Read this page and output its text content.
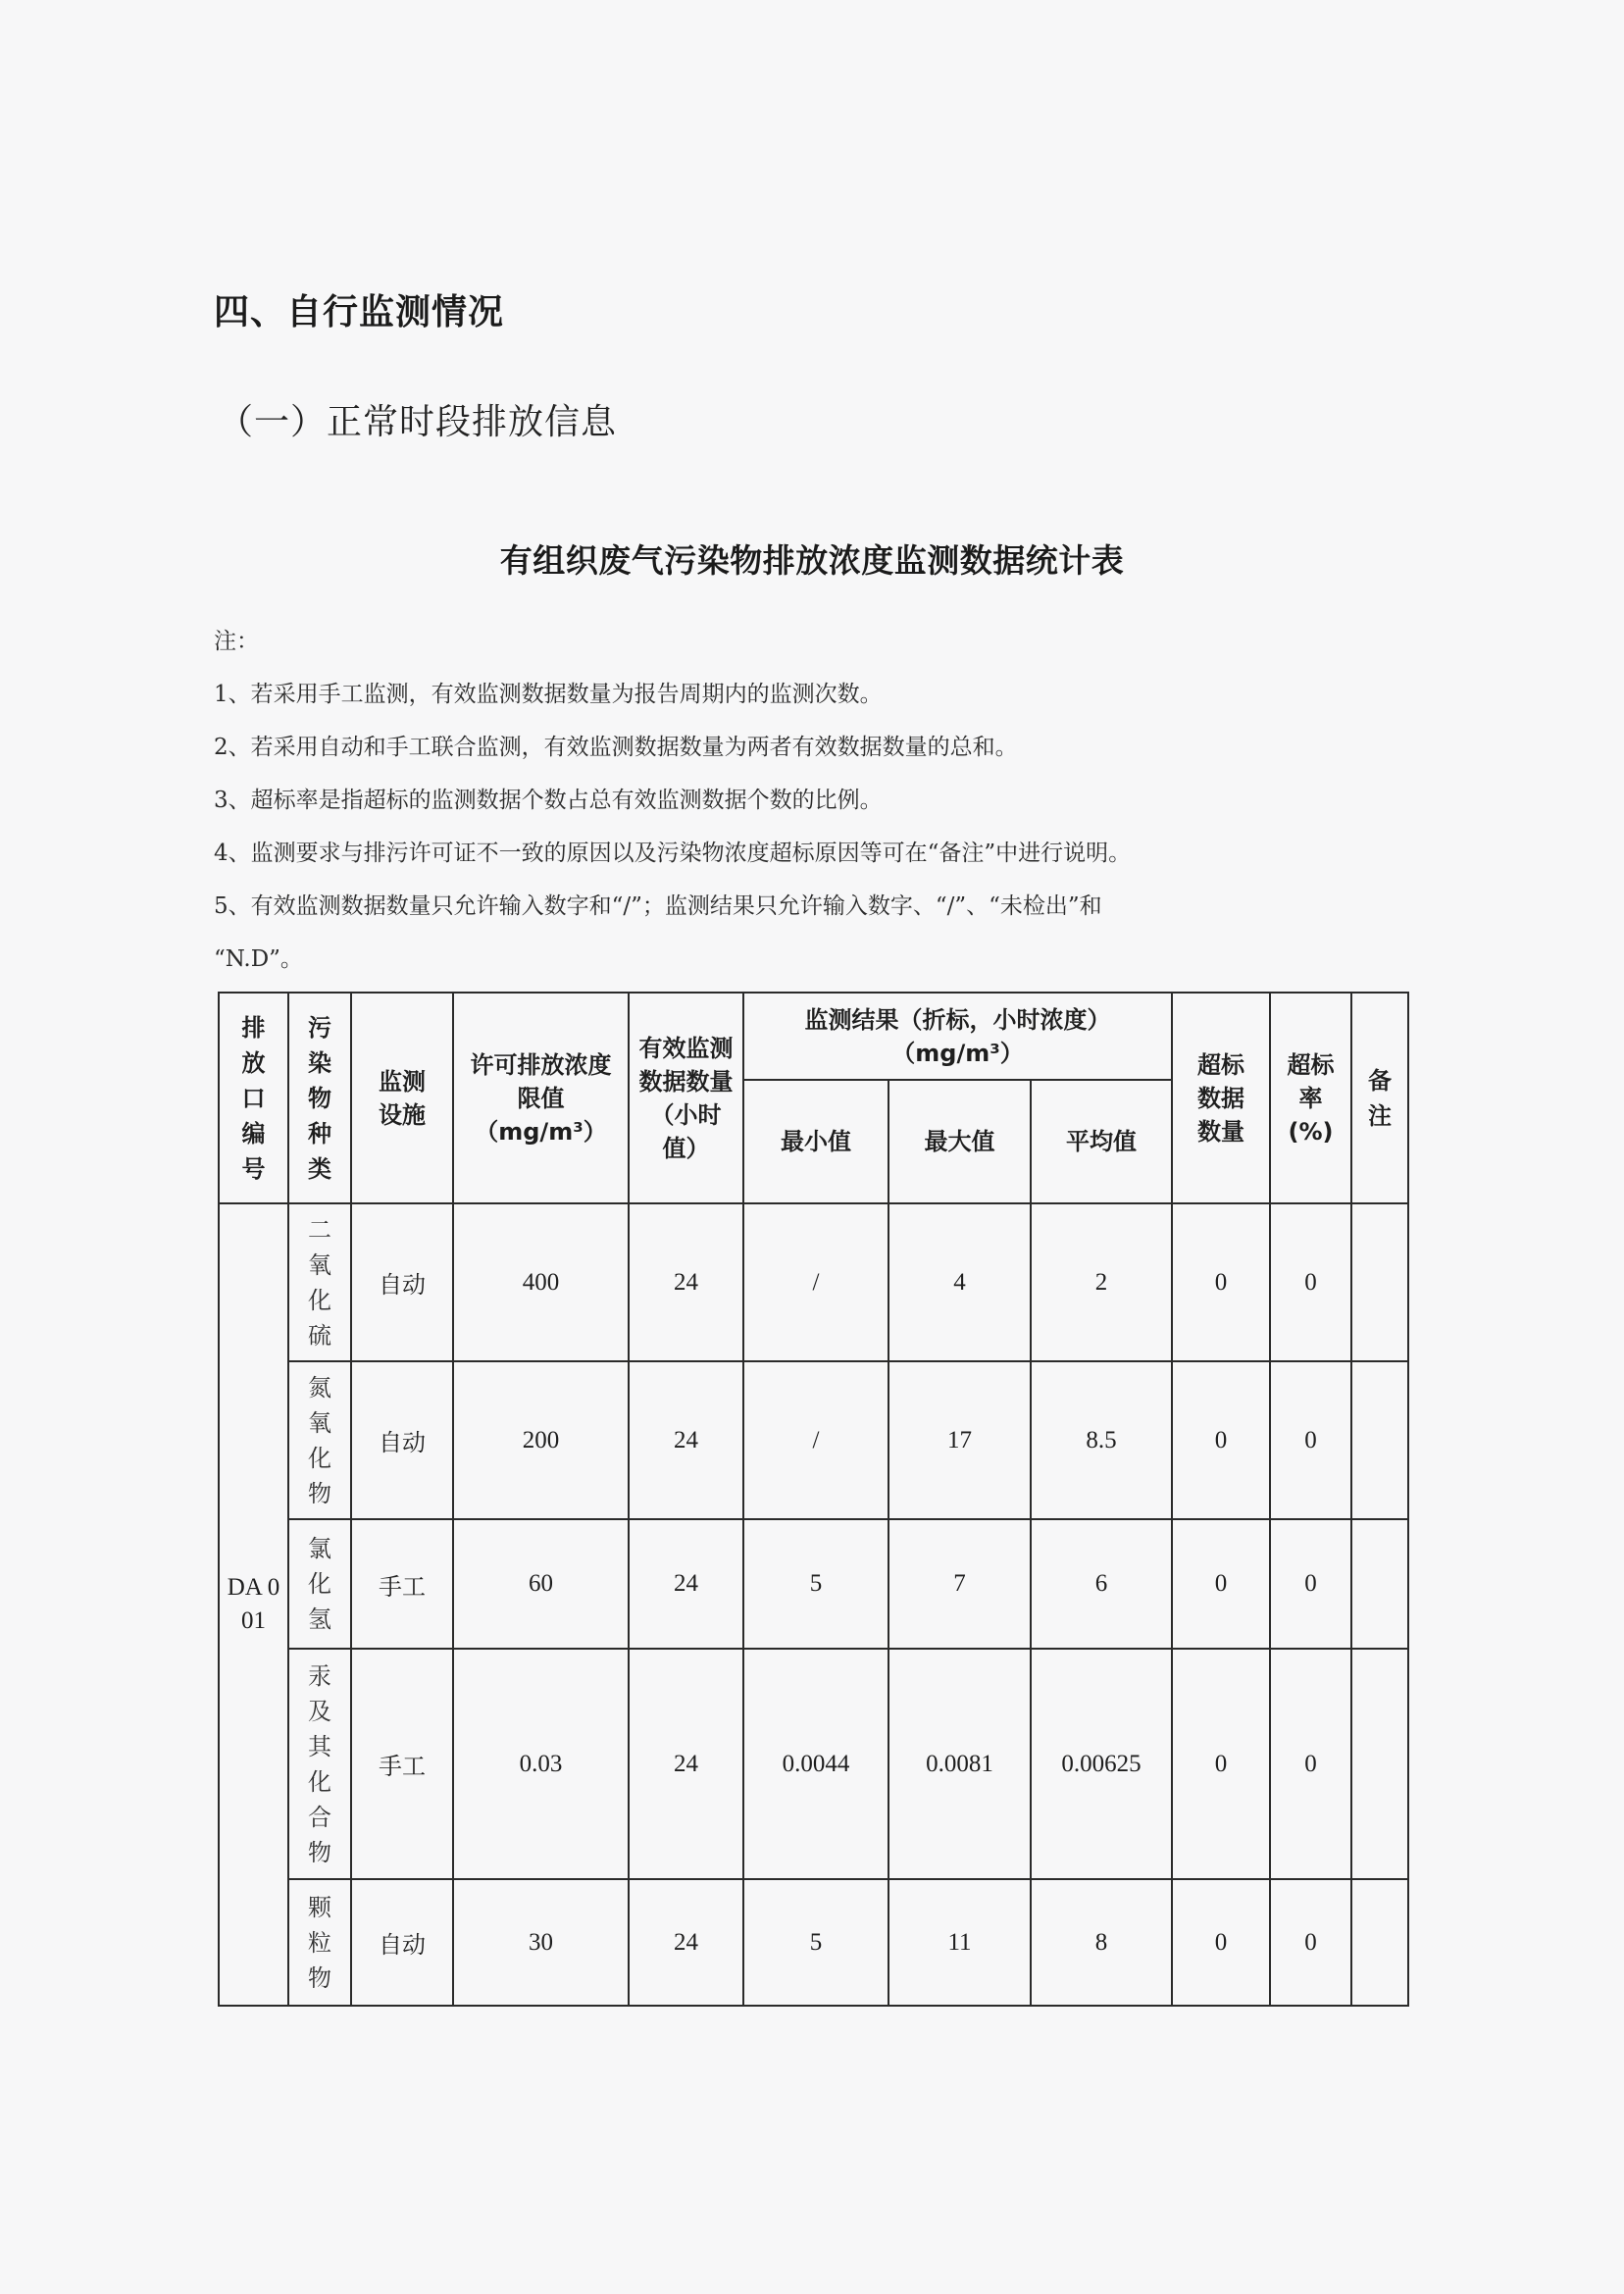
四、自行监测情况
（一）正常时段排放信息
有组织废气污染物排放浓度监测数据统计表
注：
1、若采用手工监测，有效监测数据数量为报告周期内的监测次数。
2、若采用自动和手工联合监测，有效监测数据数量为两者有效数据数量的总和。
3、超标率是指超标的监测数据个数占总有效监测数据个数的比例。
4、监测要求与排污许可证不一致的原因以及污染物浓度超标原因等可在“备注”中进行说明。
5、有效监测数据数量只允许输入数字和“/”；监测结果只允许输入数字、“/”、“未检出”和
“N.D”。
排放口编号	污染物种类	监测设施	许可排放浓度限值（mg/m³）	有效监测数据数量（小时值）	监测结果（折标，小时浓度）
（mg/m³）			超标数据数量	超标率(%)	备注
					最小值	最大值	平均值			
DA 001	二氧化硫	自动	400	24	/	4	2	0	0	
	氮氧化物	自动	200	24	/	17	8.5	0	0	
	氯化氢	手工	60	24	5	7	6	0	0	
	汞及其化合物	手工	0.03	24	0.0044	0.0081	0.00625	0	0	
	颗粒物	自动	30	24	5	11	8	0	0	
